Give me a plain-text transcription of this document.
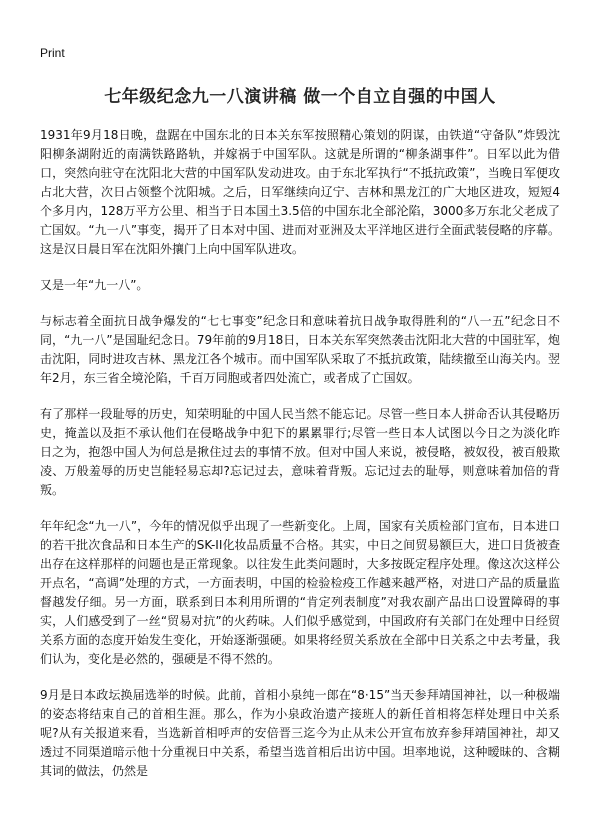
Print
七年级纪念九一八演讲稿 做一个自立自强的中国人

1931年9月18日晚，盘踞在中国东北的日本关东军按照精心策划的阴谋，由铁道“守备队”炸毁沈阳柳条湖附近的南满铁路路轨，并嫁祸于中国军队。这就是所谓的“柳条湖事件”。日军以此为借口，突然向驻守在沈阳北大营的中国军队发动进攻。由于东北军执行“不抵抗政策”，当晚日军便攻占北大营，次日占领整个沈阳城。之后，日军继续向辽宁、吉林和黑龙江的广大地区进攻，短短4个多月内，128万平方公里、相当于日本国土3.5倍的中国东北全部沦陷，3000多万东北父老成了亡国奴。“九一八”事变，揭开了日本对中国、进而对亚洲及太平洋地区进行全面武装侵略的序幕。这是汉日晨日军在沈阳外攘门上向中国军队进攻。

又是一年“九一八”。

与标志着全面抗日战争爆发的“七七事变”纪念日和意味着抗日战争取得胜利的“八一五”纪念日不同，“九一八”是国耻纪念日。79年前的9月18日，日本关东军突然袭击沈阳北大营的中国驻军，炮击沈阳，同时进攻吉林、黑龙江各个城市。而中国军队采取了不抵抗政策，陆续撤至山海关内。翌年2月，东三省全境沦陷，千百万同胞或者四处流亡，或者成了亡国奴。

有了那样一段耻辱的历史，知荣明耻的中国人民当然不能忘记。尽管一些日本人拼命否认其侵略历史，掩盖以及拒不承认他们在侵略战争中犯下的累累罪行;尽管一些日本人试图以今日之为淡化昨日之为，抱怨中国人为何总是揪住过去的事情不放。但对中国人来说，被侵略，被奴役，被百般欺凌、万般羞辱的历史岂能轻易忘却?忘记过去，意味着背叛。忘记过去的耻辱，则意味着加倍的背叛。

年年纪念“九一八”，今年的情况似乎出现了一些新变化。上周，国家有关质检部门宣布，日本进口的若干批次食品和日本生产的SK-II化妆品质量不合格。其实，中日之间贸易额巨大，进口日货被查出存在这样那样的问题也是正常现象。以往发生此类问题时，大多按既定程序处理。像这次这样公开点名，“高调”处理的方式，一方面表明，中国的检验检疫工作越来越严格，对进口产品的质量监督越发仔细。另一方面，联系到日本利用所谓的“肯定列表制度”对我农副产品出口设置障碍的事实，人们感受到了一丝“贸易对抗”的火药味。人们似乎感觉到，中国政府有关部门在处理中日经贸关系方面的态度开始发生变化，开始逐渐强硬。如果将经贸关系放在全部中日关系之中去考量，我们认为，变化是必然的，强硬是不得不然的。

9月是日本政坛换届选举的时候。此前，首相小泉纯一郎在“8·15”当天参拜靖国神社，以一种极端的姿态将结束自己的首相生涯。那么，作为小泉政治遗产接班人的新任首相将怎样处理日中关系呢?从有关报道来看，当选新首相呼声的安倍晋三迄今为止从未公开宣布放弃参拜靖国神社，却又透过不同渠道暗示他十分重视日中关系，希望当选首相后出访中国。坦率地说，这种暧昧的、含糊其词的做法，仍然是
